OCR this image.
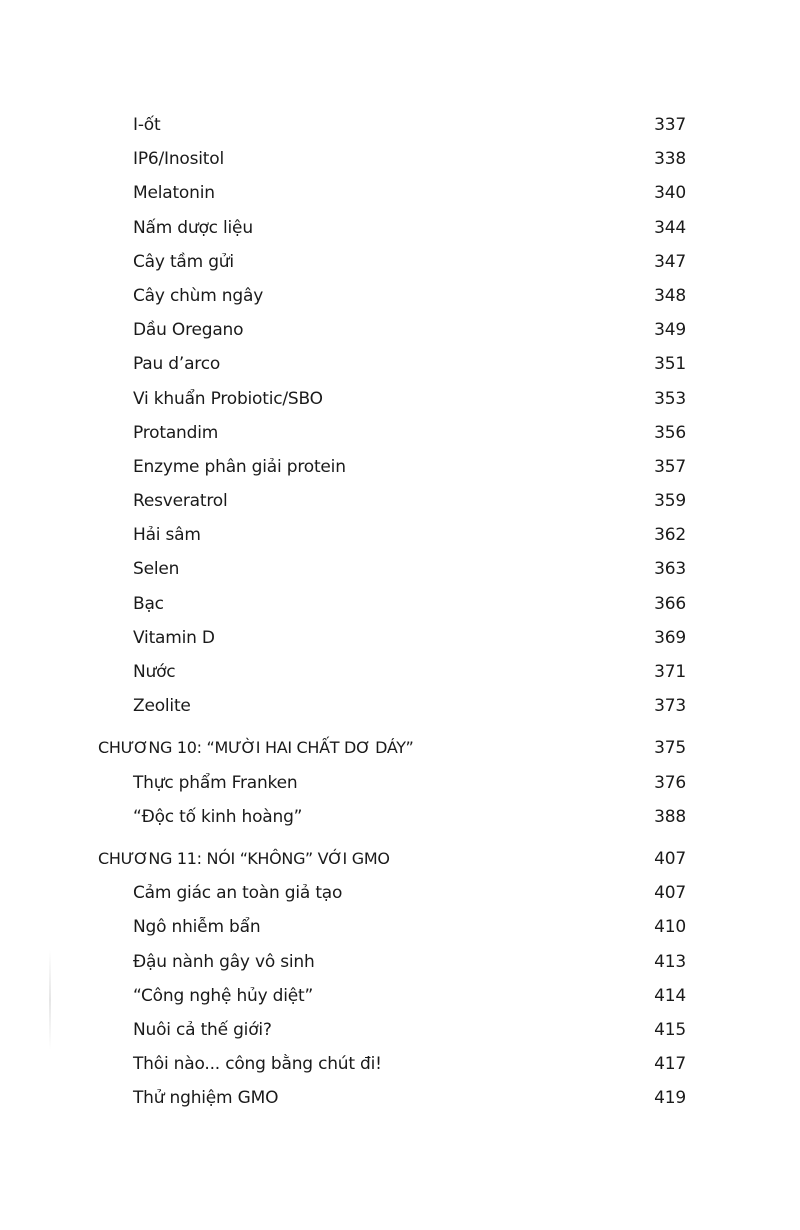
I-ốt	337
IP6/Inositol	338
Melatonin	340
Nấm dược liệu	344
Cây tầm gửi	347
Cây chùm ngây	348
Dầu Oregano	349
Pau d’arco	351
Vi khuẩn Probiotic/SBO	353
Protandim	356
Enzyme phân giải protein	357
Resveratrol	359
Hải sâm	362
Selen	363
Bạc	366
Vitamin D	369
Nước	371
Zeolite	373
CHƯƠNG 10: “MƯỜI HAI CHẤT DƠ DÁY”	375
Thực phẩm Franken	376
“Độc tố kinh hoàng”	388
CHƯƠNG 11: NÓI “KHÔNG” VỚI GMO	407
Cảm giác an toàn giả tạo	407
Ngô nhiễm bẩn	410
Đậu nành gây vô sinh	413
“Công nghệ hủy diệt”	414
Nuôi cả thế giới?	415
Thôi nào... công bằng chút đi!	417
Thử nghiệm GMO	419
